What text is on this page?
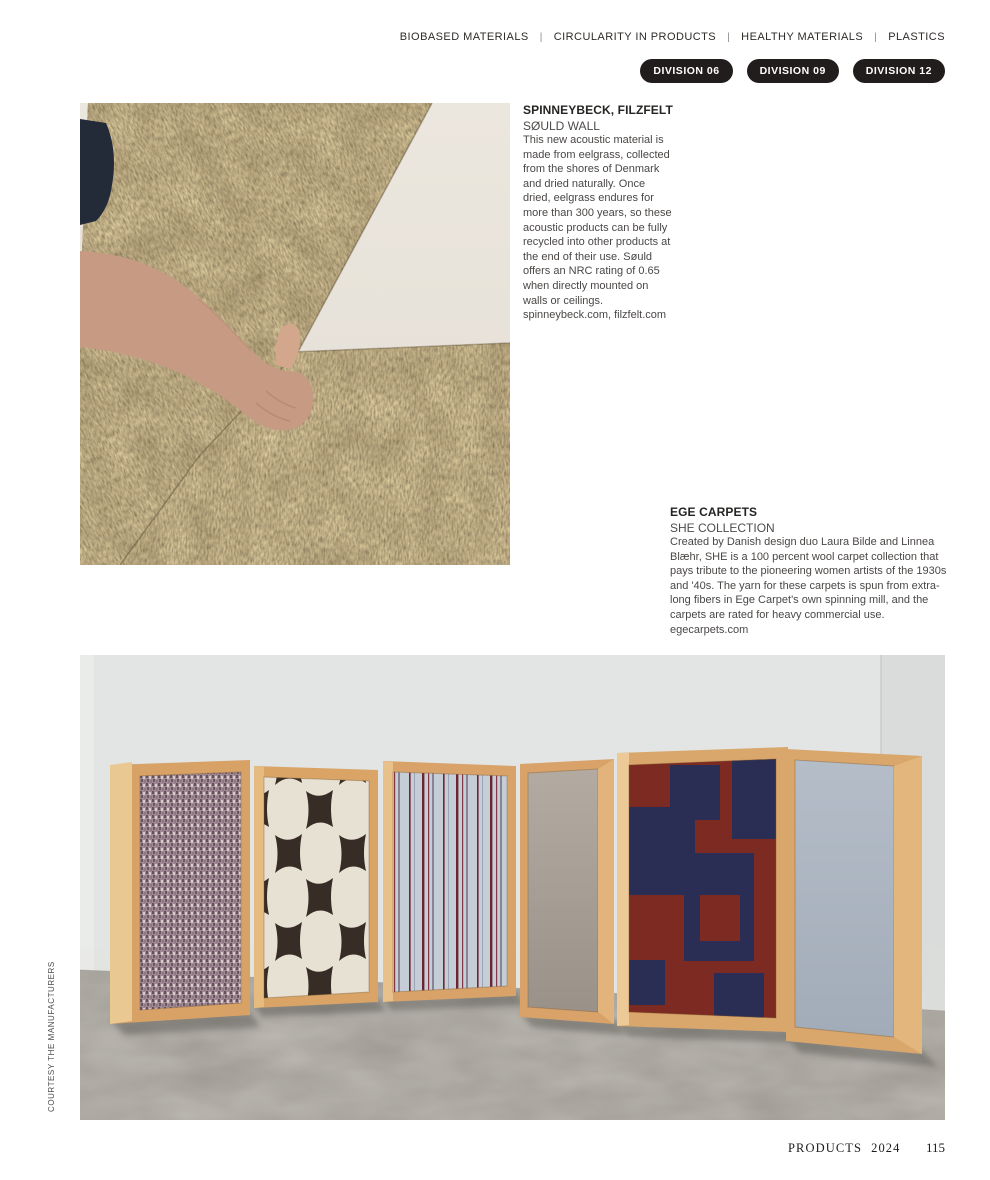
BIOBASED MATERIALS | CIRCULARITY IN PRODUCTS | HEALTHY MATERIALS | PLASTICS
DIVISION 06	DIVISION 09	DIVISION 12
SPINNEYBECK, FILZFELT
SØULD WALL

This new acoustic material is made from eelgrass, collected from the shores of Denmark and dried naturally. Once dried, eelgrass endures for more than 300 years, so these acoustic products can be fully recycled into other products at the end of their use. Søuld offers an NRC rating of 0.65 when directly mounted on walls or ceilings.

spinneybeck.com, filzfelt.com
EGE CARPETS
SHE COLLECTION

Created by Danish design duo Laura Bilde and Linnea Blæhr, SHE is a 100 percent wool carpet collection that pays tribute to the pioneering women artists of the 1930s and '40s. The yarn for these carpets is spun from extra-long fibers in Ege Carpet's own spinning mill, and the carpets are rated for heavy commercial use.

egecarpets.com
COURTESY THE MANUFACTURERS
PRODUCTS 2024 115
